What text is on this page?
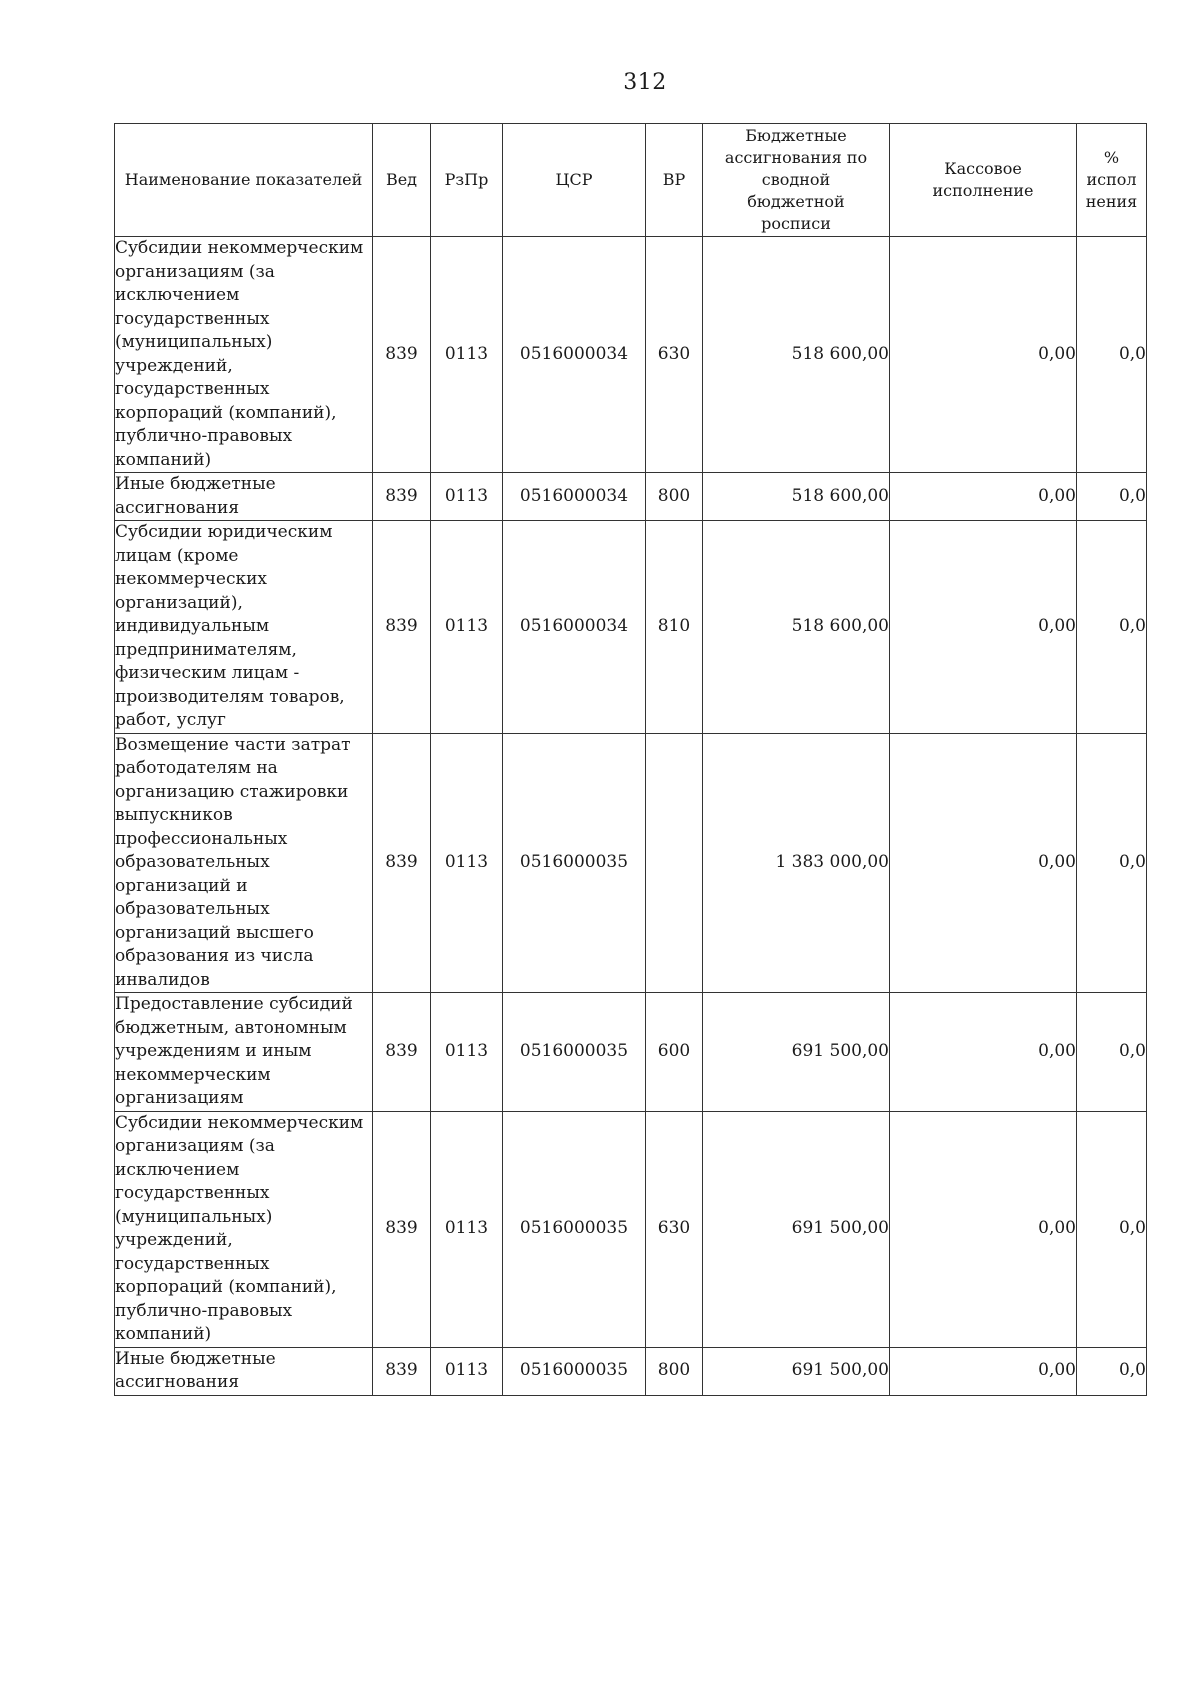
312
Наименование показателей	Вед	РзПр	ЦСР	ВР	Бюджетные ассигнования по сводной бюджетной росписи	Кассовое исполнение	% испол нения
Субсидии некоммерческим организациям (за исключением государственных (муниципальных) учреждений, государственных корпораций (компаний), публично-правовых компаний)	839	0113	0516000034	630	518 600,00	0,00	0,0
Иные бюджетные ассигнования	839	0113	0516000034	800	518 600,00	0,00	0,0
Субсидии юридическим лицам (кроме некоммерческих организаций), индивидуальным предпринимателям, физическим лицам - производителям товаров, работ, услуг	839	0113	0516000034	810	518 600,00	0,00	0,0
Возмещение части затрат работодателям на организацию стажировки выпускников профессиональных образовательных организаций и образовательных организаций высшего образования из числа инвалидов	839	0113	0516000035		1 383 000,00	0,00	0,0
Предоставление субсидий бюджетным, автономным учреждениям и иным некоммерческим организациям	839	0113	0516000035	600	691 500,00	0,00	0,0
Субсидии некоммерческим организациям (за исключением государственных (муниципальных) учреждений, государственных корпораций (компаний), публично-правовых компаний)	839	0113	0516000035	630	691 500,00	0,00	0,0
Иные бюджетные ассигнования	839	0113	0516000035	800	691 500,00	0,00	0,0
